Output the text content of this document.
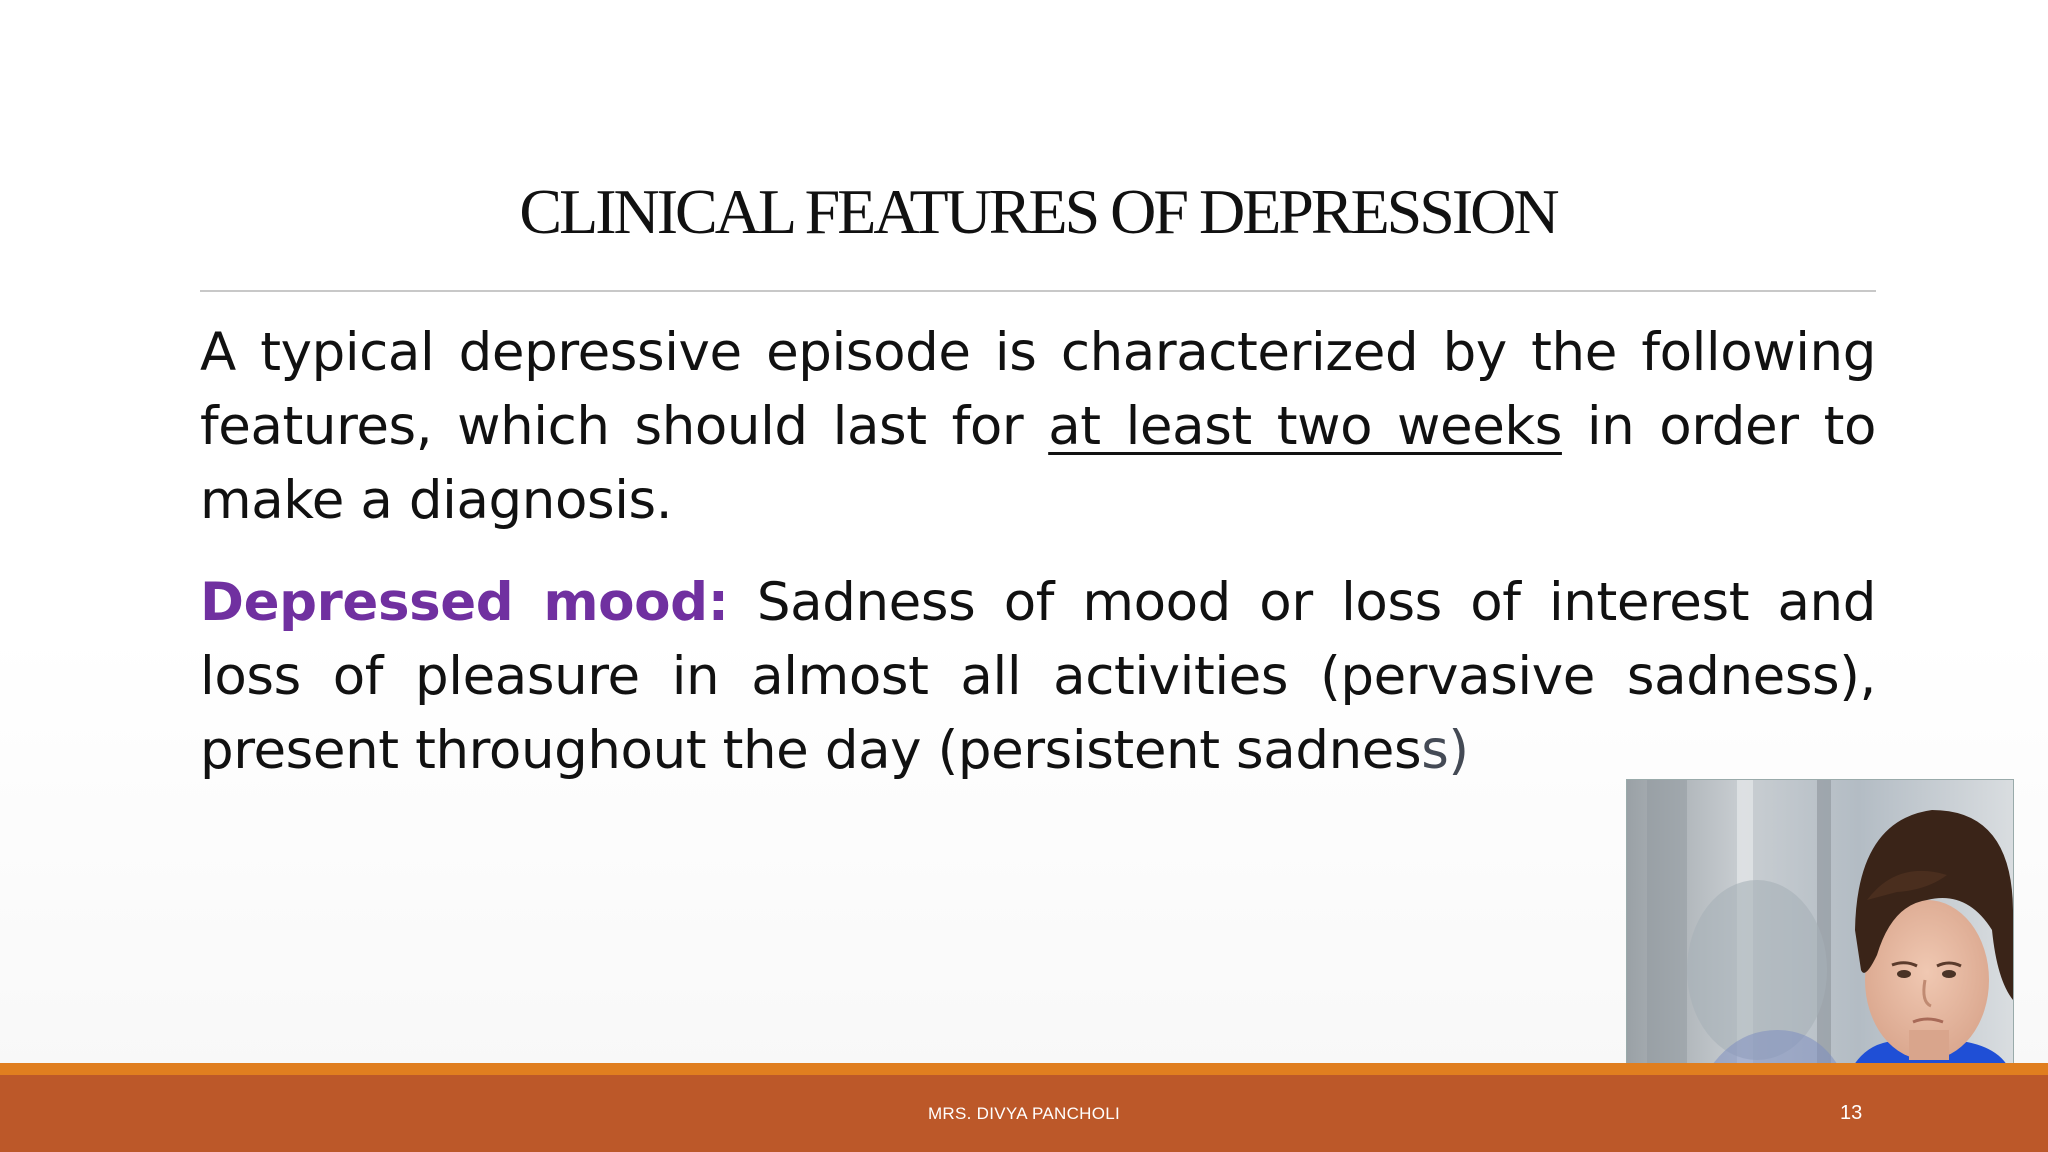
CLINICAL FEATURES OF DEPRESSION

A typical depressive episode is characterized by the following features, which should last for at least two weeks in order to make a diagnosis.

Depressed mood: Sadness of mood or loss of interest and loss of pleasure in almost all activities (pervasive sadness), present throughout the day (persistent sadness)

MRS. DIVYA PANCHOLI	13
